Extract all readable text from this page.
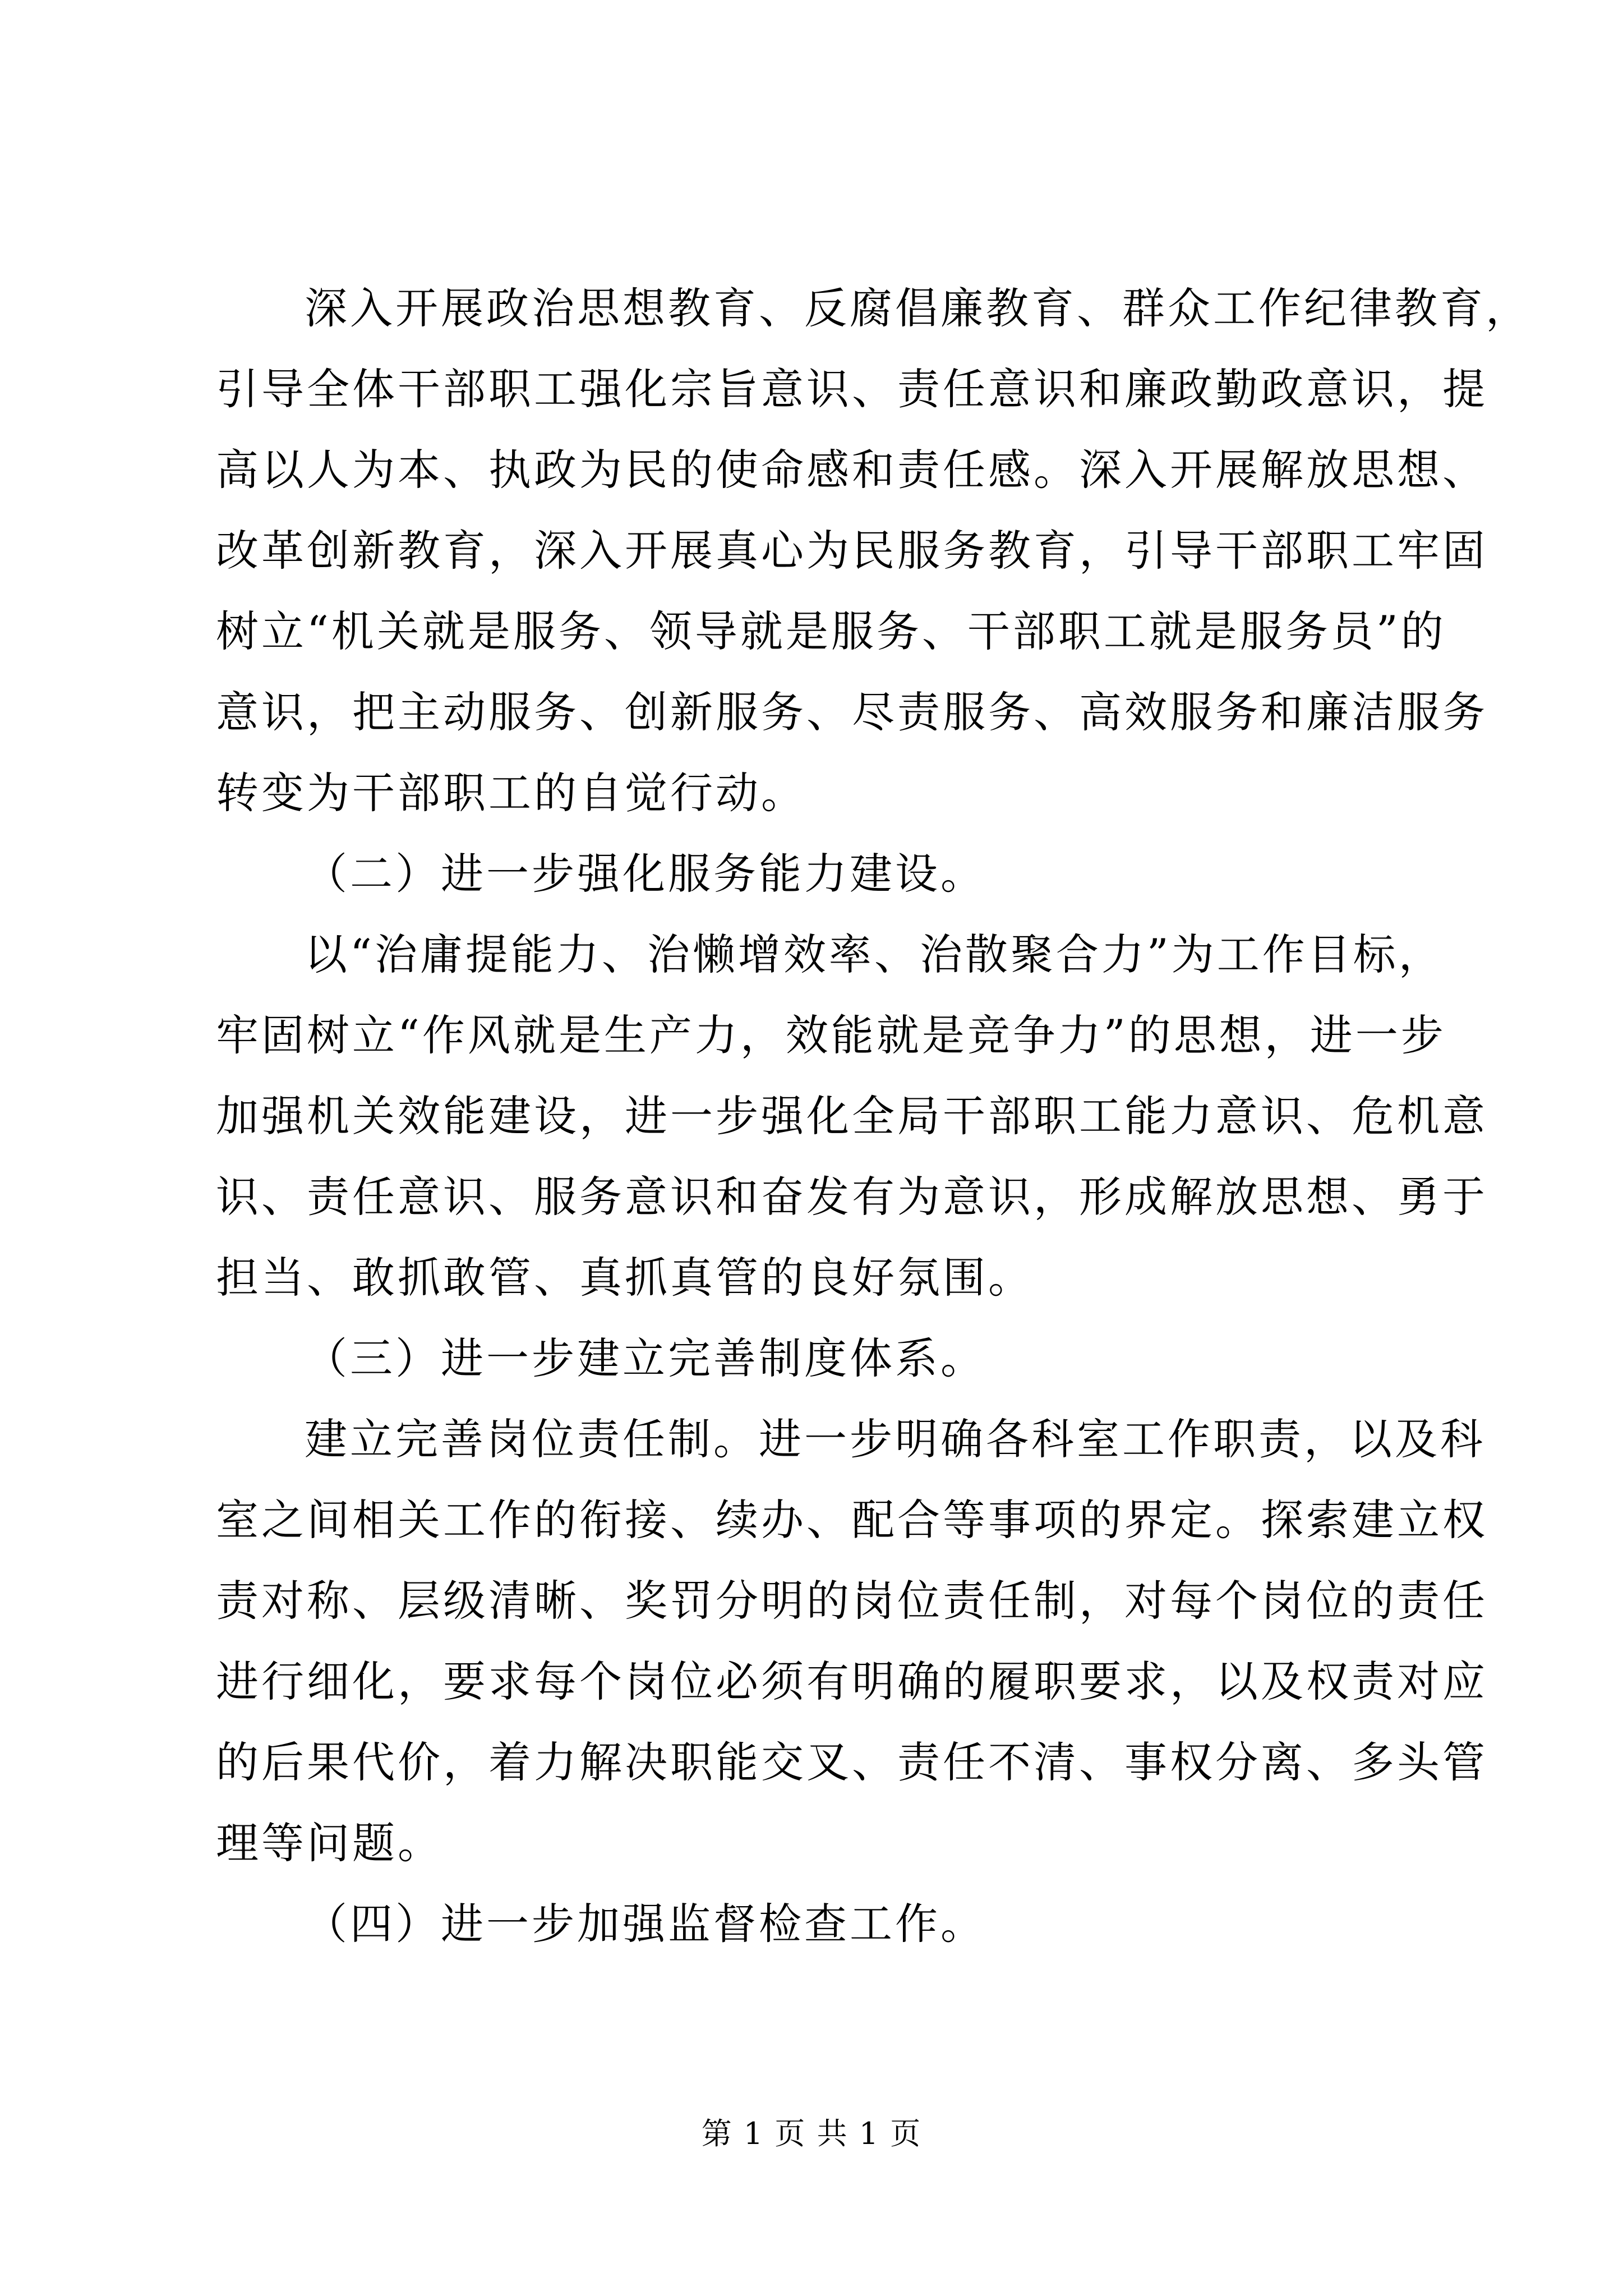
深入开展政治思想教育、反腐倡廉教育、群众工作纪律教育，
引导全体干部职工强化宗旨意识、责任意识和廉政勤政意识，提
高以人为本、执政为民的使命感和责任感。深入开展解放思想、
改革创新教育，深入开展真心为民服务教育，引导干部职工牢固
树立“机关就是服务、领导就是服务、干部职工就是服务员”的
意识，把主动服务、创新服务、尽责服务、高效服务和廉洁服务
转变为干部职工的自觉行动。
（二）进一步强化服务能力建设。
以“治庸提能力、治懒增效率、治散聚合力”为工作目标，
牢固树立“作风就是生产力，效能就是竞争力”的思想，进一步
加强机关效能建设，进一步强化全局干部职工能力意识、危机意
识、责任意识、服务意识和奋发有为意识，形成解放思想、勇于
担当、敢抓敢管、真抓真管的良好氛围。
（三）进一步建立完善制度体系。
建立完善岗位责任制。进一步明确各科室工作职责，以及科
室之间相关工作的衔接、续办、配合等事项的界定。探索建立权
责对称、层级清晰、奖罚分明的岗位责任制，对每个岗位的责任
进行细化，要求每个岗位必须有明确的履职要求，以及权责对应
的后果代价，着力解决职能交叉、责任不清、事权分离、多头管
理等问题。
（四）进一步加强监督检查工作。
第 1 页 共 1 页
